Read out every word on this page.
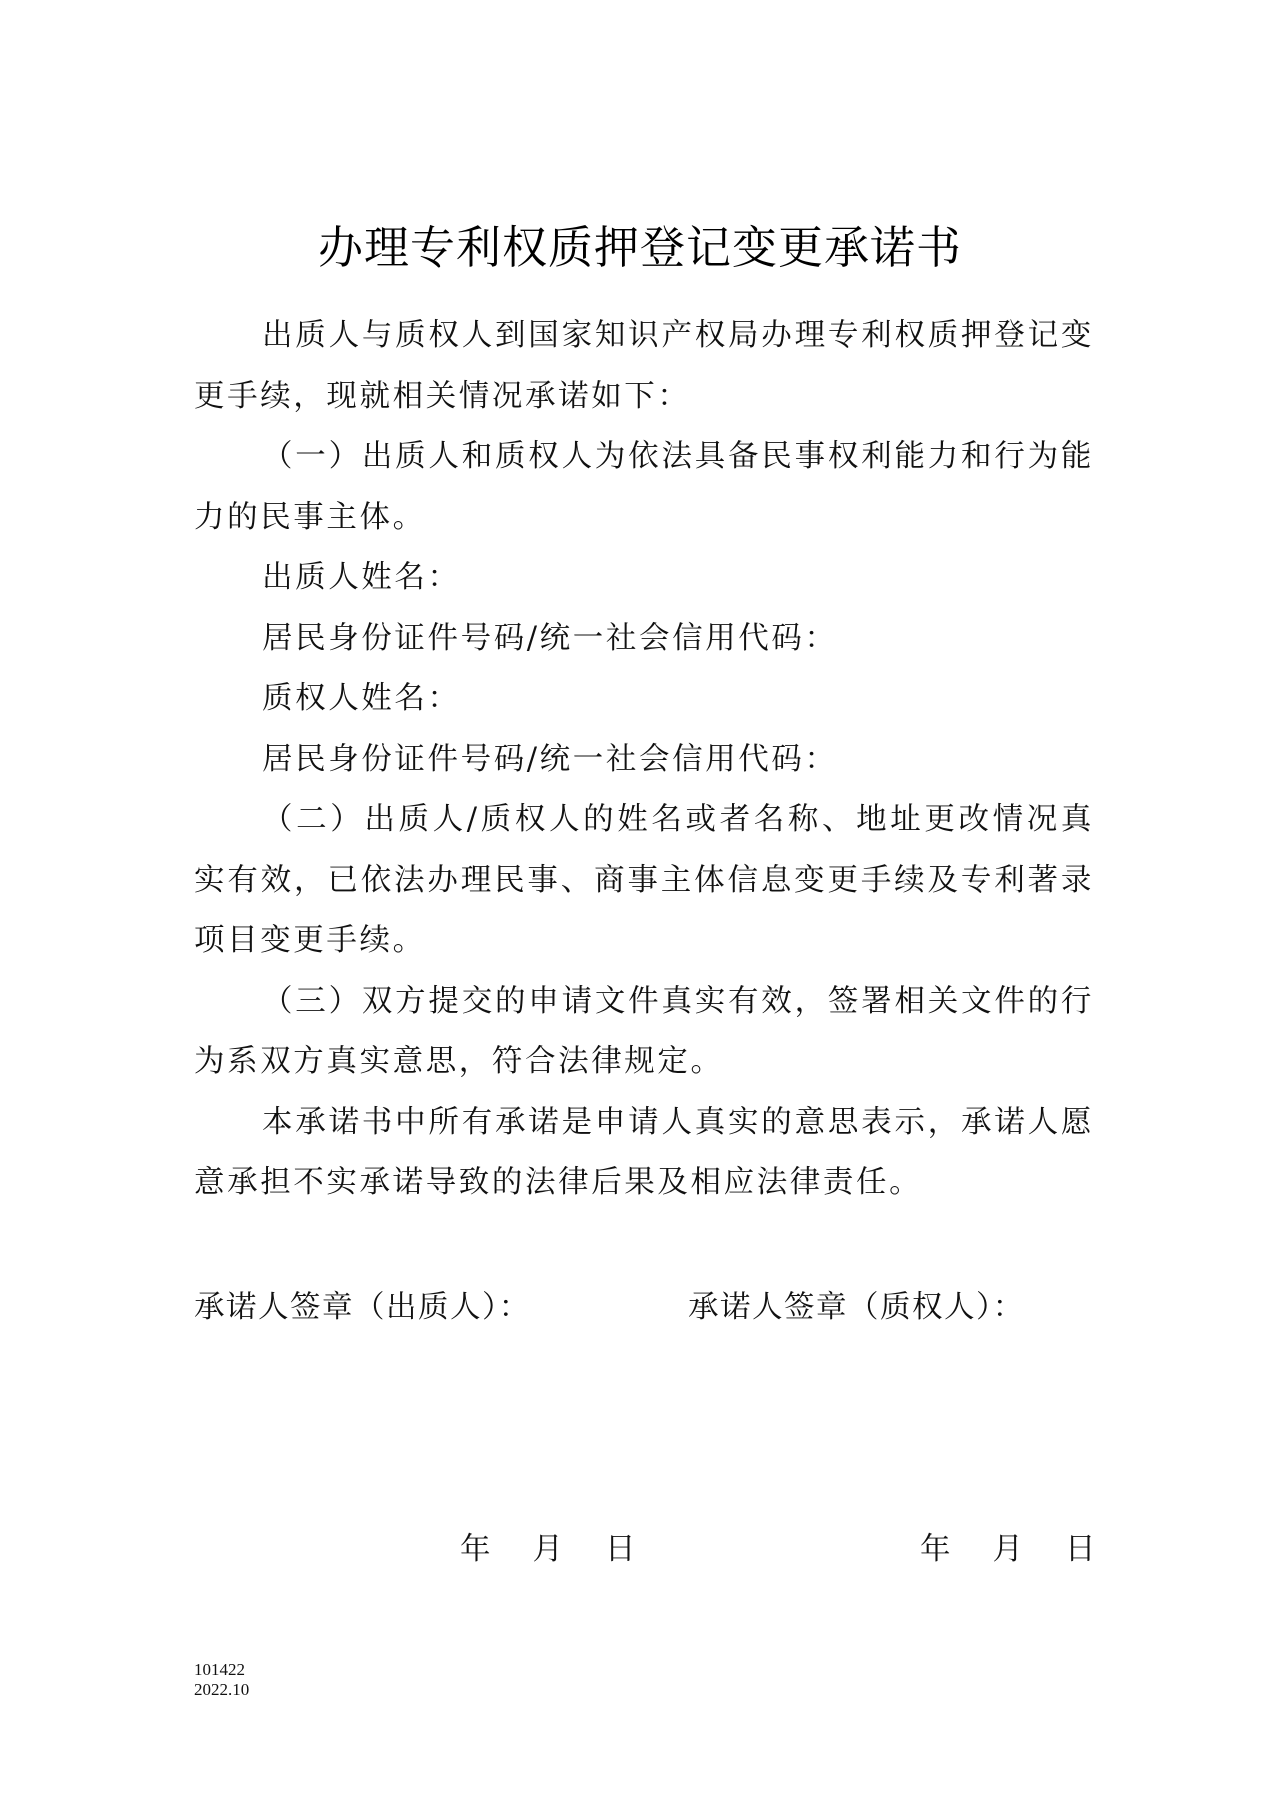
办理专利权质押登记变更承诺书

出质人与质权人到国家知识产权局办理专利权质押登记变更手续，现就相关情况承诺如下：

（一）出质人和质权人为依法具备民事权利能力和行为能力的民事主体。

出质人姓名：

居民身份证件号码/统一社会信用代码：

质权人姓名：

居民身份证件号码/统一社会信用代码：

（二）出质人/质权人的姓名或者名称、地址更改情况真实有效，已依法办理民事、商事主体信息变更手续及专利著录项目变更手续。

（三）双方提交的申请文件真实有效，签署相关文件的行为系双方真实意思，符合法律规定。

本承诺书中所有承诺是申请人真实的意思表示，承诺人愿意承担不实承诺导致的法律后果及相应法律责任。

承诺人签章（出质人）：	承诺人签章（质权人）：
年 月 日	年 月 日
101422
2022.10
